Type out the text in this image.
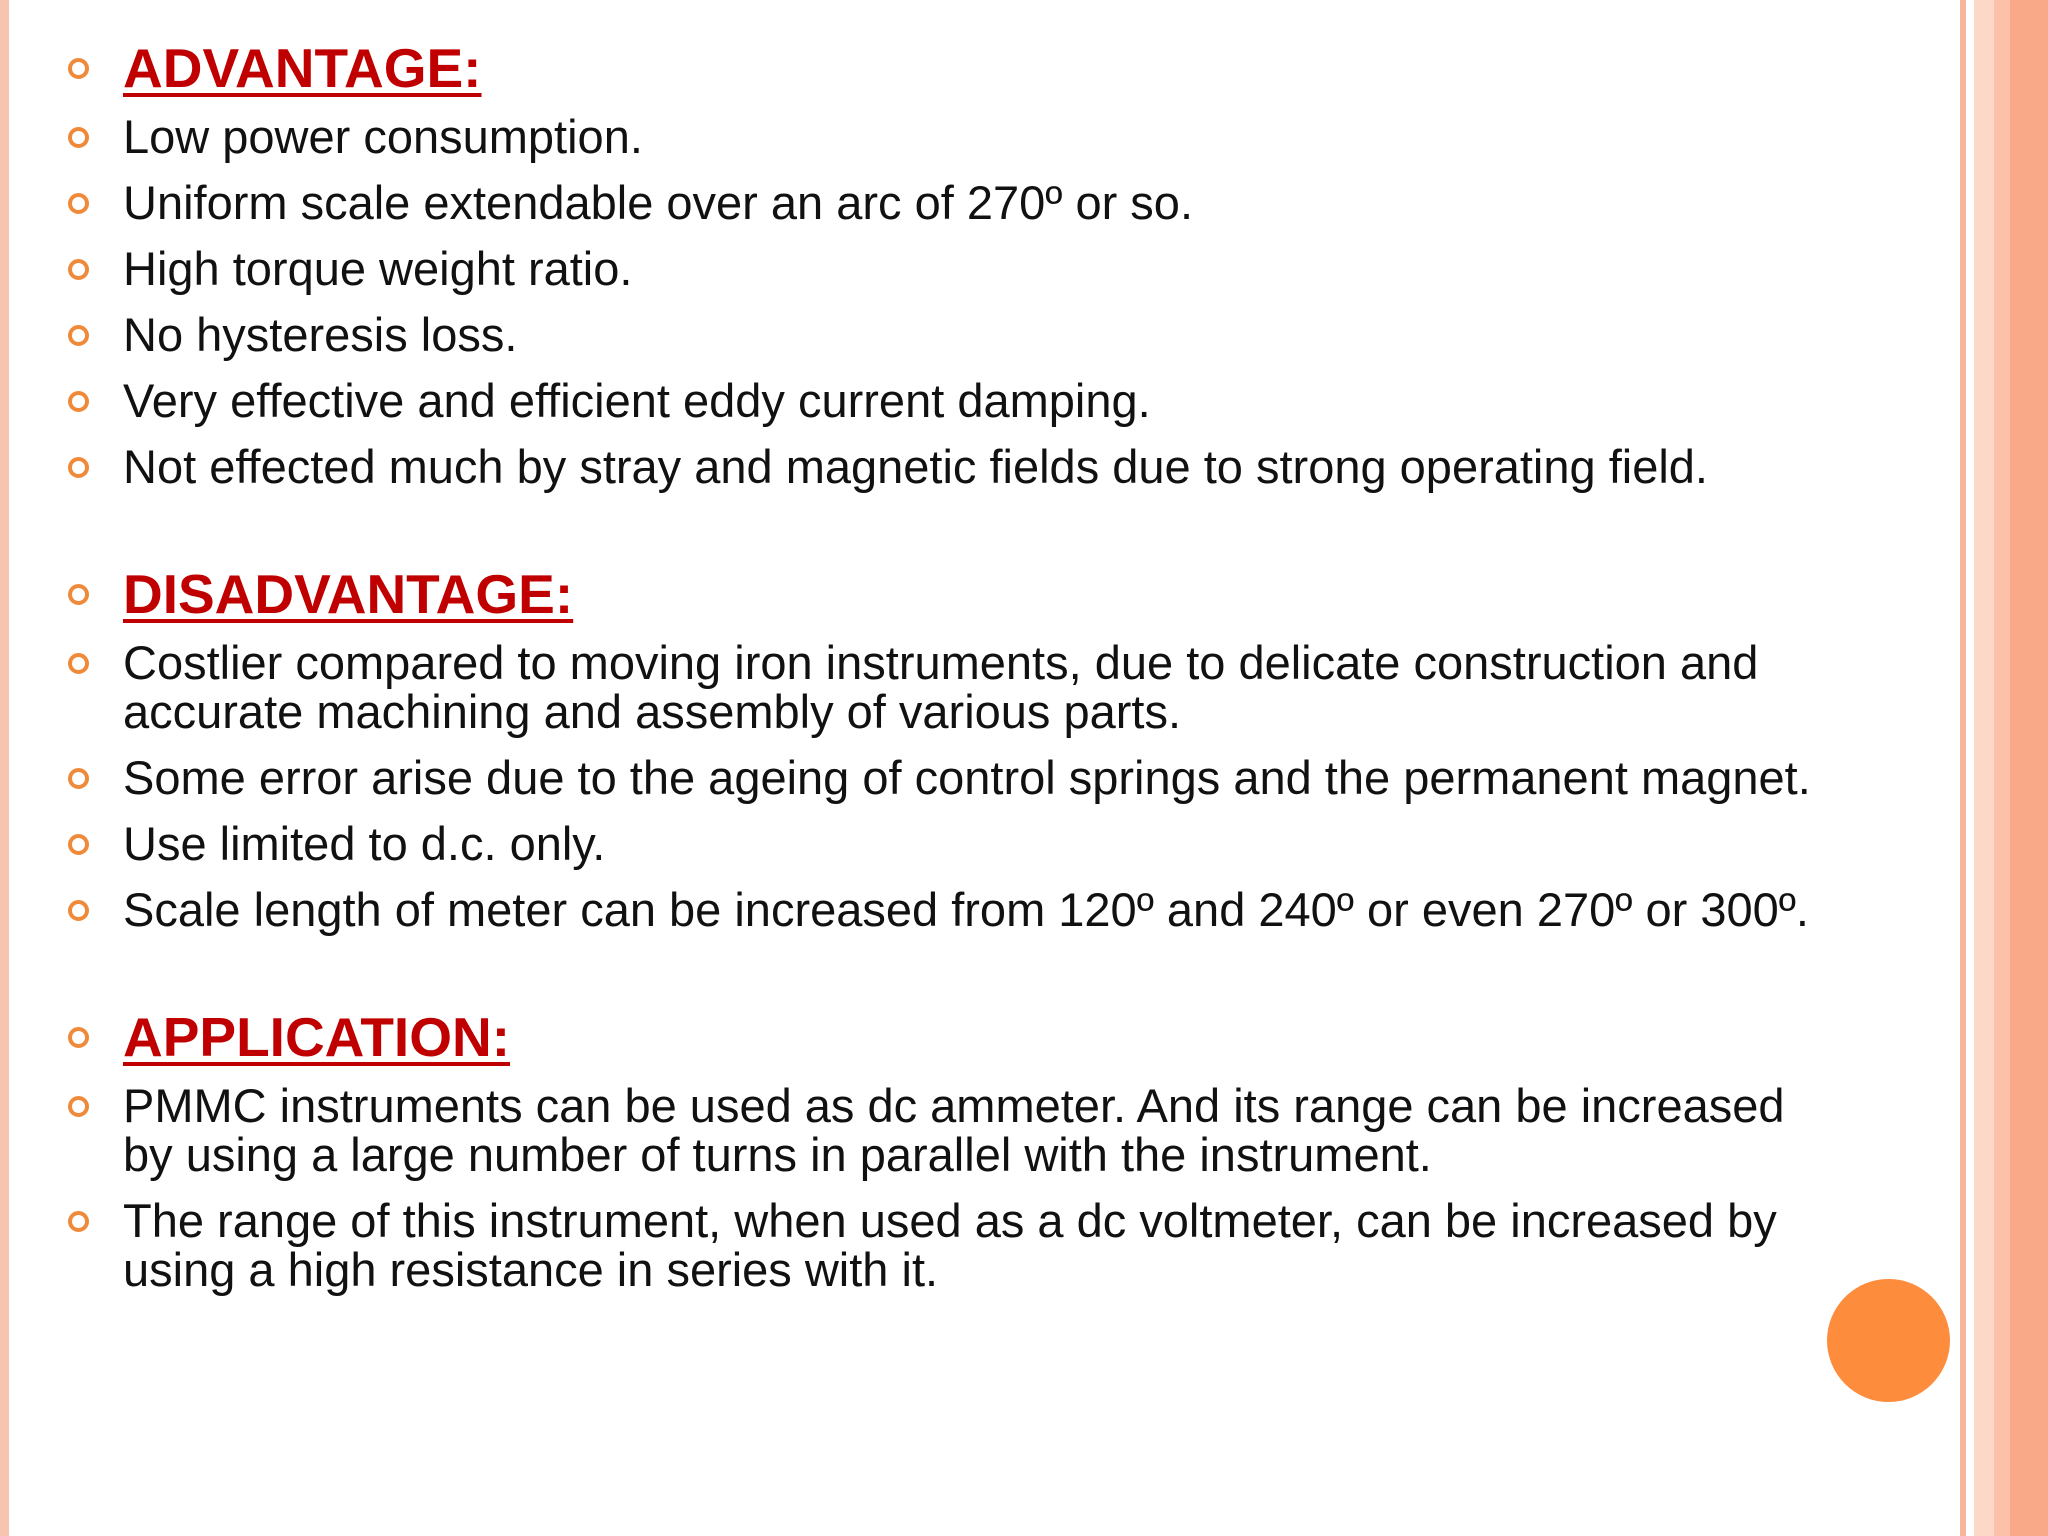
ADVANTAGE:
Low power consumption.
Uniform scale extendable over an arc of 270º or so.
High torque weight ratio.
No hysteresis loss.
Very effective and efficient eddy current damping.
Not effected much by stray and magnetic fields due to strong operating field.
DISADVANTAGE:
Costlier compared to moving iron instruments, due to delicate construction and
accurate machining and assembly of various parts.
Some error arise due to the ageing of control springs and the permanent magnet.
Use limited to d.c. only.
Scale length of meter can be increased from 120º and 240º or even 270º or 300º.
APPLICATION:
PMMC instruments can be used as dc ammeter. And its range can be increased
by using a large number of turns in parallel with the instrument.
The range of this instrument, when used as a dc voltmeter, can be increased by
using a high resistance in series with it.
